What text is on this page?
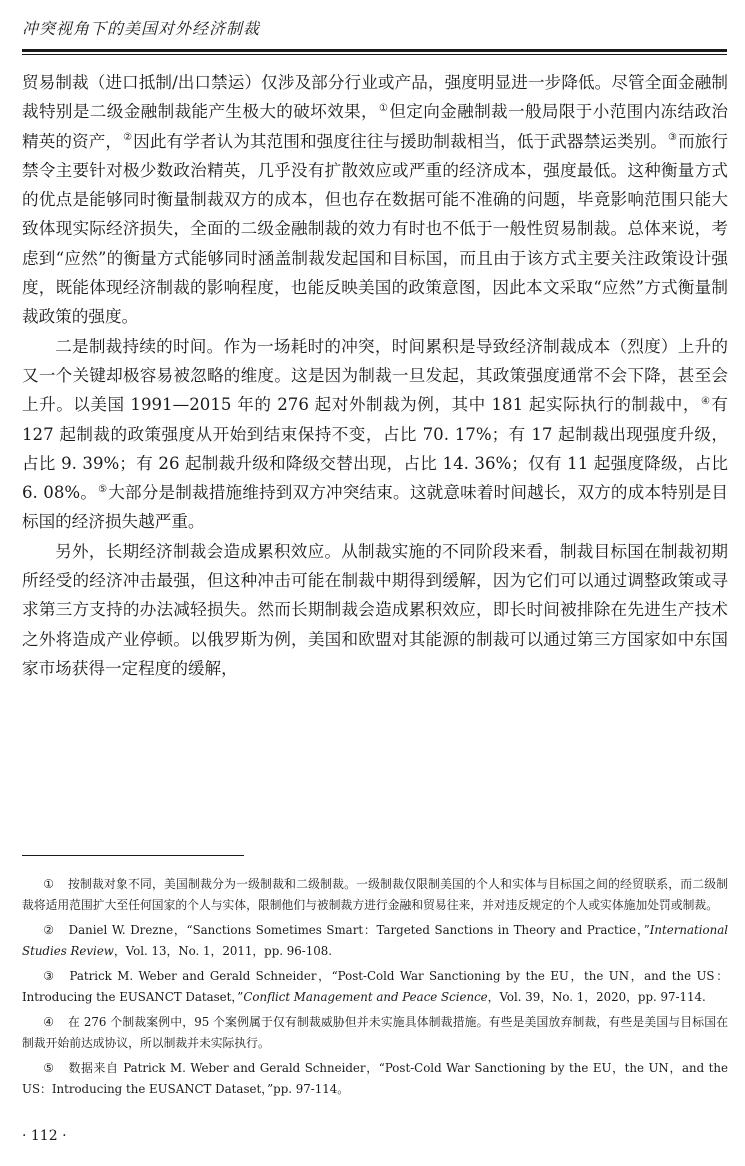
冲突视角下的美国对外经济制裁

贸易制裁（进口抵制/出口禁运）仅涉及部分行业或产品，强度明显进一步降低。尽管全面金融制裁特别是二级金融制裁能产生极大的破坏效果，①但定向金融制裁一般局限于小范围内冻结政治精英的资产，②因此有学者认为其范围和强度往往与援助制裁相当，低于武器禁运类别。③而旅行禁令主要针对极少数政治精英，几乎没有扩散效应或严重的经济成本，强度最低。这种衡量方式的优点是能够同时衡量制裁双方的成本，但也存在数据可能不准确的问题，毕竟影响范围只能大致体现实际经济损失，全面的二级金融制裁的效力有时也不低于一般性贸易制裁。总体来说，考虑到“应然”的衡量方式能够同时涵盖制裁发起国和目标国，而且由于该方式主要关注政策设计强度，既能体现经济制裁的影响程度，也能反映美国的政策意图，因此本文采取“应然”方式衡量制裁政策的强度。

二是制裁持续的时间。作为一场耗时的冲突，时间累积是导致经济制裁成本（烈度）上升的又一个关键却极容易被忽略的维度。这是因为制裁一旦发起，其政策强度通常不会下降，甚至会上升。以美国 1991—2015 年的 276 起对外制裁为例，其中 181 起实际执行的制裁中，④有 127 起制裁的政策强度从开始到结束保持不变，占比 70. 17%；有 17 起制裁出现强度升级，占比 9. 39%；有 26 起制裁升级和降级交替出现，占比 14. 36%；仅有 11 起强度降级，占比 6. 08%。⑤大部分是制裁措施维持到双方冲突结束。这就意味着时间越长，双方的成本特别是目标国的经济损失越严重。

另外，长期经济制裁会造成累积效应。从制裁实施的不同阶段来看，制裁目标国在制裁初期所经受的经济冲击最强，但这种冲击可能在制裁中期得到缓解，因为它们可以通过调整政策或寻求第三方支持的办法减轻损失。然而长期制裁会造成累积效应，即长时间被排除在先进生产技术之外将造成产业停顿。以俄罗斯为例，美国和欧盟对其能源的制裁可以通过第三方国家如中东国家市场获得一定程度的缓解，

① 按制裁对象不同，美国制裁分为一级制裁和二级制裁。一级制裁仅限制美国的个人和实体与目标国之间的经贸联系，而二级制裁将适用范围扩大至任何国家的个人与实体，限制他们与被制裁方进行金融和贸易往来，并对违反规定的个人或实体施加处罚或制裁。

② Daniel W. Drezne，“Sanctions Sometimes Smart：Targeted Sanctions in Theory and Practice，”International Studies Review，Vol. 13，No. 1，2011，pp. 96-108.

③ Patrick M. Weber and Gerald Schneider，“Post-Cold War Sanctioning by the EU，the UN，and the US：Introducing the EUSANCT Dataset，”Conflict Management and Peace Science，Vol. 39，No. 1，2020，pp. 97-114.

④ 在 276 个制裁案例中，95 个案例属于仅有制裁威胁但并未实施具体制裁措施。有些是美国放弃制裁，有些是美国与目标国在制裁开始前达成协议，所以制裁并未实际执行。

⑤ 数据来自 Patrick M. Weber and Gerald Schneider，“Post-Cold War Sanctioning by the EU，the UN，and the US：Introducing the EUSANCT Dataset，”pp. 97-114。

· 112 ·
